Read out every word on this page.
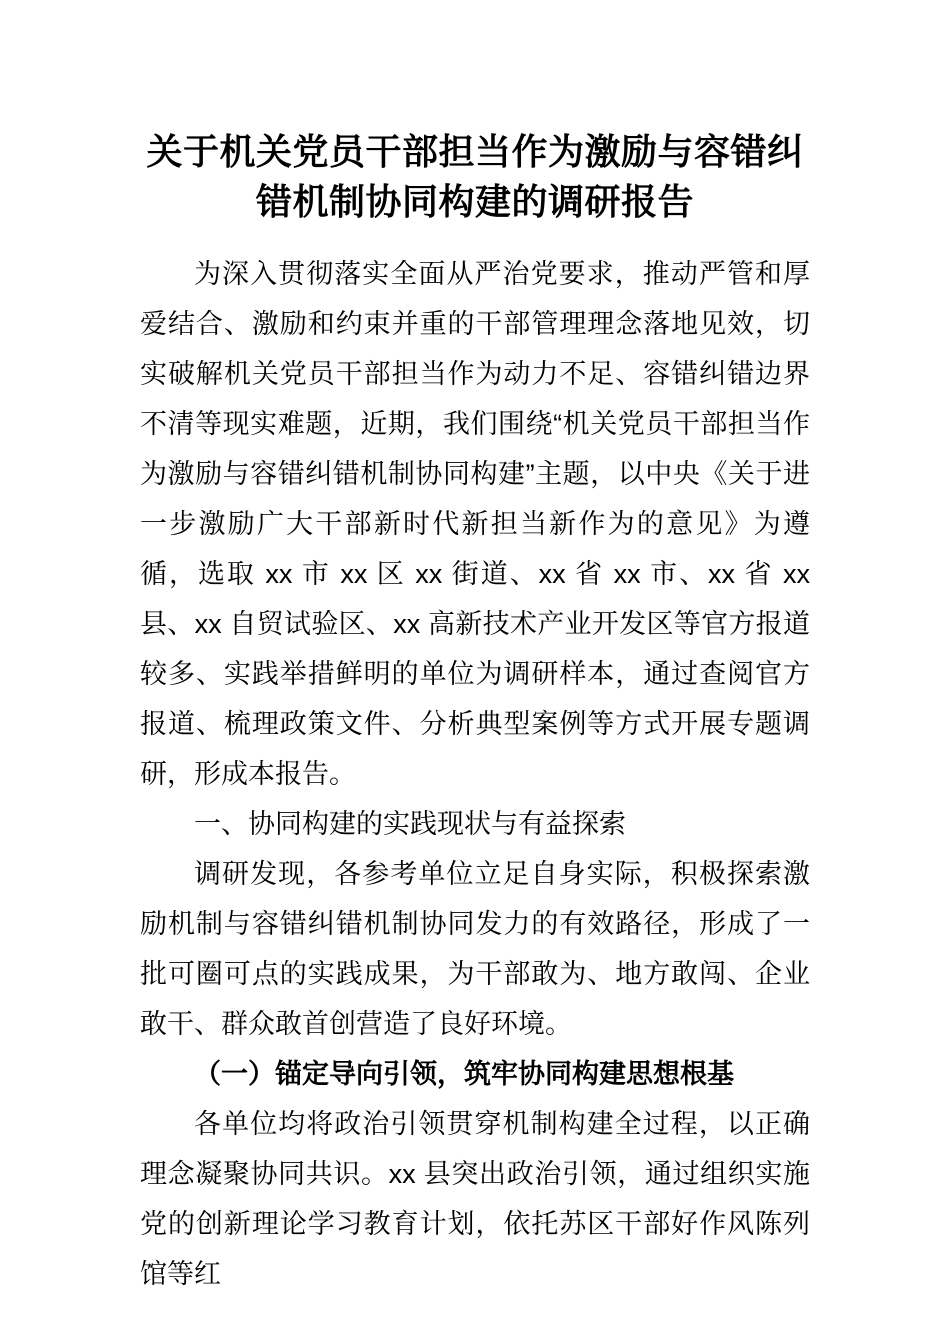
关于机关党员干部担当作为激励与容错纠错机制协同构建的调研报告

为深入贯彻落实全面从严治党要求，推动严管和厚爱结合、激励和约束并重的干部管理理念落地见效，切实破解机关党员干部担当作为动力不足、容错纠错边界不清等现实难题，近期，我们围绕“机关党员干部担当作为激励与容错纠错机制协同构建”主题，以中央《关于进一步激励广大干部新时代新担当新作为的意见》为遵循，选取 xx 市 xx 区 xx 街道、xx 省 xx 市、xx 省 xx 县、xx 自贸试验区、xx 高新技术产业开发区等官方报道较多、实践举措鲜明的单位为调研样本，通过查阅官方报道、梳理政策文件、分析典型案例等方式开展专题调研，形成本报告。

一、协同构建的实践现状与有益探索

调研发现，各参考单位立足自身实际，积极探索激励机制与容错纠错机制协同发力的有效路径，形成了一批可圈可点的实践成果，为干部敢为、地方敢闯、企业敢干、群众敢首创营造了良好环境。

（一）锚定导向引领，筑牢协同构建思想根基

各单位均将政治引领贯穿机制构建全过程，以正确理念凝聚协同共识。xx 县突出政治引领，通过组织实施党的创新理论学习教育计划，依托苏区干部好作风陈列馆等红
